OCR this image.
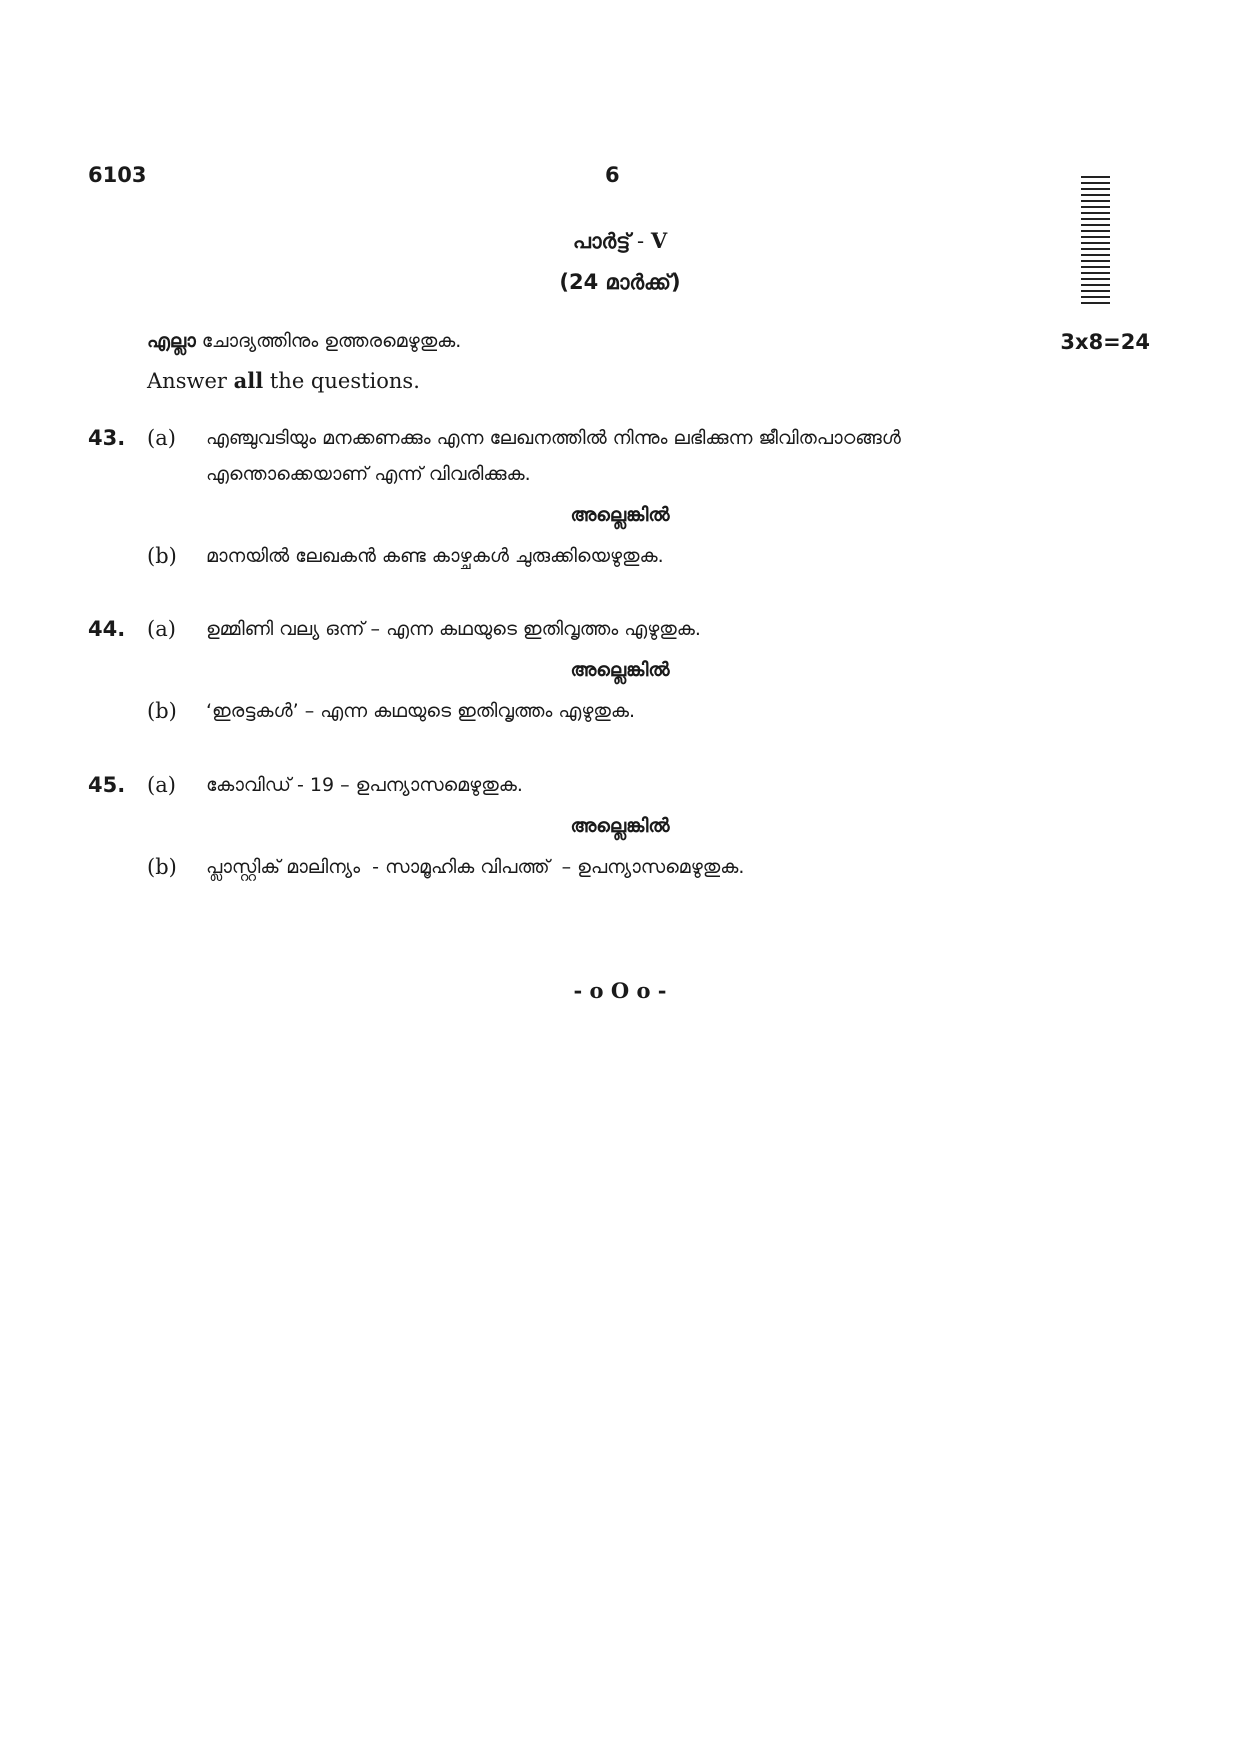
6103	6
പാർട്ട് - V
(24 മാർക്ക്)
എല്ലാ ചോദ്യത്തിനും ഉത്തരമെഴുതുക.	3x8=24
Answer all the questions.
43. (a) എഞ്ചുവടിയും മനക്കണക്കും എന്ന ലേഖനത്തിൽ നിന്നും ലഭിക്കുന്ന ജീവിതപാഠങ്ങൾ
എന്തൊക്കെയാണ് എന്ന് വിവരിക്കുക.
അല്ലെങ്കിൽ
(b) മാനയിൽ ലേഖകൻ കണ്ട കാഴ്ചകൾ ചുരുക്കിയെഴുതുക.
44. (a) ഉമ്മിണി വല്യ ഒന്ന് – എന്ന കഥയുടെ ഇതിവൃത്തം എഴുതുക.
അല്ലെങ്കിൽ
(b) ‘ഇരട്ടകൾ’ – എന്ന കഥയുടെ ഇതിവൃത്തം എഴുതുക.
45. (a) കോവിഡ് - 19 – ഉപന്യാസമെഴുതുക.
അല്ലെങ്കിൽ
(b) പ്ലാസ്റ്റിക് മാലിന്യം  - സാമൂഹിക വിപത്ത്  – ഉപന്യാസമെഴുതുക.
- o O o -
